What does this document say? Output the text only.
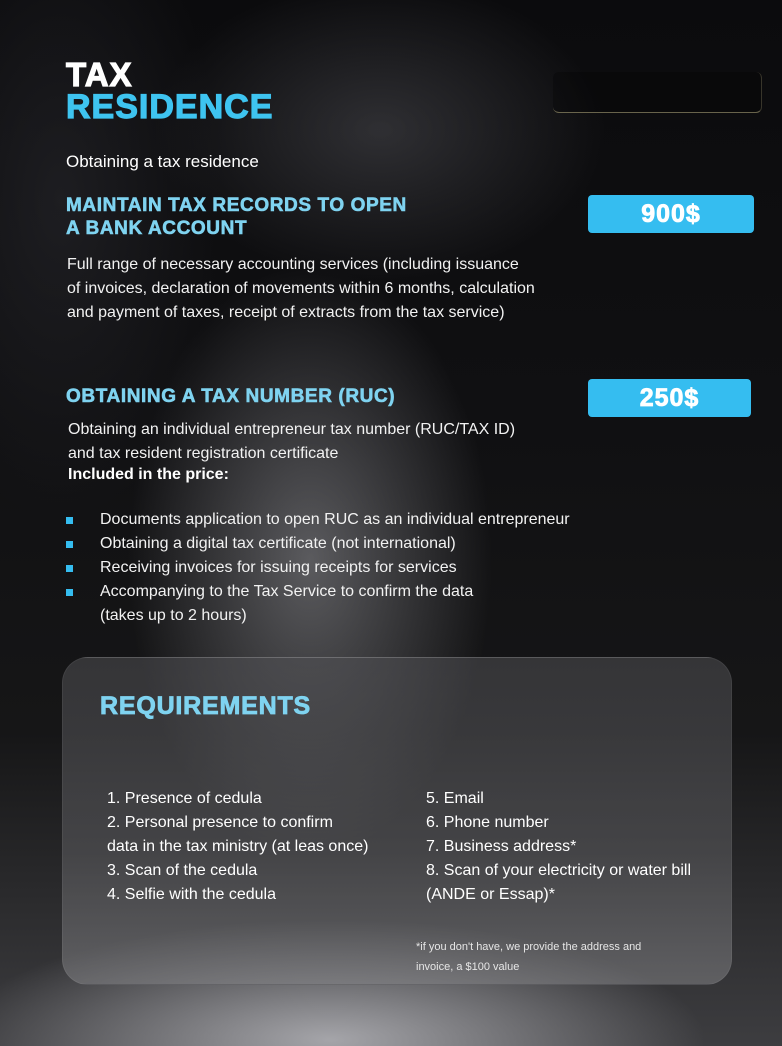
TAX
RESIDENCE
Obtaining a tax residence
MAINTAIN TAX RECORDS TO OPEN
A BANK ACCOUNT
900$
Full range of necessary accounting services (including issuance
of invoices, declaration of movements within 6 months, calculation
and payment of taxes, receipt of extracts from the tax service)
OBTAINING A TAX NUMBER (RUC)	250$
Obtaining an individual entrepreneur tax number (RUC/TAX ID)
and tax resident registration certificate
Included in the price:
Documents application to open RUC as an individual entrepreneur
Obtaining a digital tax certificate (not international)
Receiving invoices for issuing receipts for services
Accompanying to the Tax Service to confirm the data
(takes up to 2 hours)
REQUIREMENTS
1. Presence of cedula
2. Personal presence to confirm
data in the tax ministry (at leas once)
3. Scan of the cedula
4. Selfie with the cedula
5. Email
6. Phone number
7. Business address*
8. Scan of your electricity or water bill
(ANDE or Essap)*
*if you don't have, we provide the address and
invoice, a $100 value
